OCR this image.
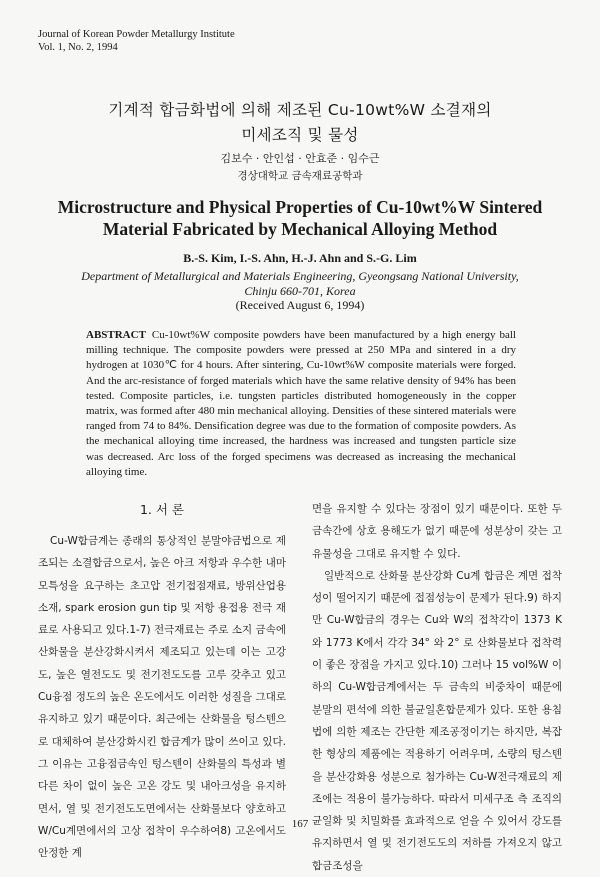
Journal of Korean Powder Metallurgy Institute
Vol. 1, No. 2, 1994
기계적 합금화법에 의해 제조된 Cu-10wt%W 소결재의
미세조직 및 물성
김보수 · 안인섭 · 안효준 · 임수근
경상대학교 금속재료공학과
Microstructure and Physical Properties of Cu-10wt%W Sintered
Material Fabricated by Mechanical Alloying Method
B.-S. Kim, I.-S. Ahn, H.-J. Ahn and S.-G. Lim
Department of Metallurgical and Materials Engineering, Gyeongsang National University,
Chinju 660-701, Korea
(Received August 6, 1994)
ABSTRACT Cu-10wt%W composite powders have been manufactured by a high energy ball milling technique. The composite powders were pressed at 250 MPa and sintered in a dry hydrogen at 1030℃ for 4 hours. After sintering, Cu-10wt%W composite materials were forged. And the arc-resistance of forged materials which have the same relative density of 94% has been tested. Composite particles, i.e. tungsten particles distributed homogeneously in the copper matrix, was formed after 480 min mechanical alloying. Densities of these sintered materials were ranged from 74 to 84%. Densification degree was due to the formation of composite powders. As the mechanical alloying time increased, the hardness was increased and tungsten particle size was decreased. Arc loss of the forged specimens was decreased as increasing the mechanical alloying time.
1. 서 론

Cu-W합금계는 종래의 통상적인 분말야금법으로 제조되는 소결합금으로서, 높은 아크 저항과 우수한 내마모특성을 요구하는 초고압 전기접점재료, 방위산업용 소재, spark erosion gun tip 및 저항 용접용 전극 재료로 사용되고 있다.1-7) 전극재료는 주로 소지 금속에 산화물을 분산강화시켜서 제조되고 있는데 이는 고강도, 높은 열전도도 및 전기전도도를 고루 갖추고 있고 Cu융점 정도의 높은 온도에서도 이러한 성질을 그대로 유지하고 있기 때문이다. 최근에는 산화물을 텅스텐으로 대체하여 분산강화시킨 합금계가 많이 쓰이고 있다. 그 이유는 고융점금속인 텅스텐이 산화물의 특성과 별다른 차이 없이 높은 고온 강도 및 내아크성을 유지하면서, 열 및 전기전도도면에서는 산화물보다 양호하고 W/Cu계면에서의 고상 접착이 우수하여8) 고온에서도 안정한 계

면을 유지할 수 있다는 장점이 있기 때문이다. 또한 두 금속간에 상호 용해도가 없기 때문에 성분상이 갖는 고유물성을 그대로 유지할 수 있다.

일반적으로 산화물 분산강화 Cu계 합금은 계면 접착성이 떨어지기 때문에 접점성능이 문제가 된다.9) 하지만 Cu-W합금의 경우는 Cu와 W의 접착각이 1373 K와 1773 K에서 각각 34° 와 2° 로 산화물보다 접착력이 좋은 장점을 가지고 있다.10) 그러나 15 vol%W 이하의 Cu-W합금계에서는 두 금속의 비중차이 때문에 분말의 편석에 의한 불균일혼합문제가 있다. 또한 용침법에 의한 제조는 간단한 제조공정이기는 하지만, 복잡한 형상의 제품에는 적용하기 어려우며, 소량의 텅스텐을 분산강화용 성분으로 첨가하는 Cu-W전극재료의 제조에는 적용이 불가능하다. 따라서 미세구조 측 조직의 균일화 및 치밀화를 효과적으로 얻을 수 있어서 강도를 유지하면서 열 및 전기전도도의 저하를 가져오지 않고 합금조성을

167
